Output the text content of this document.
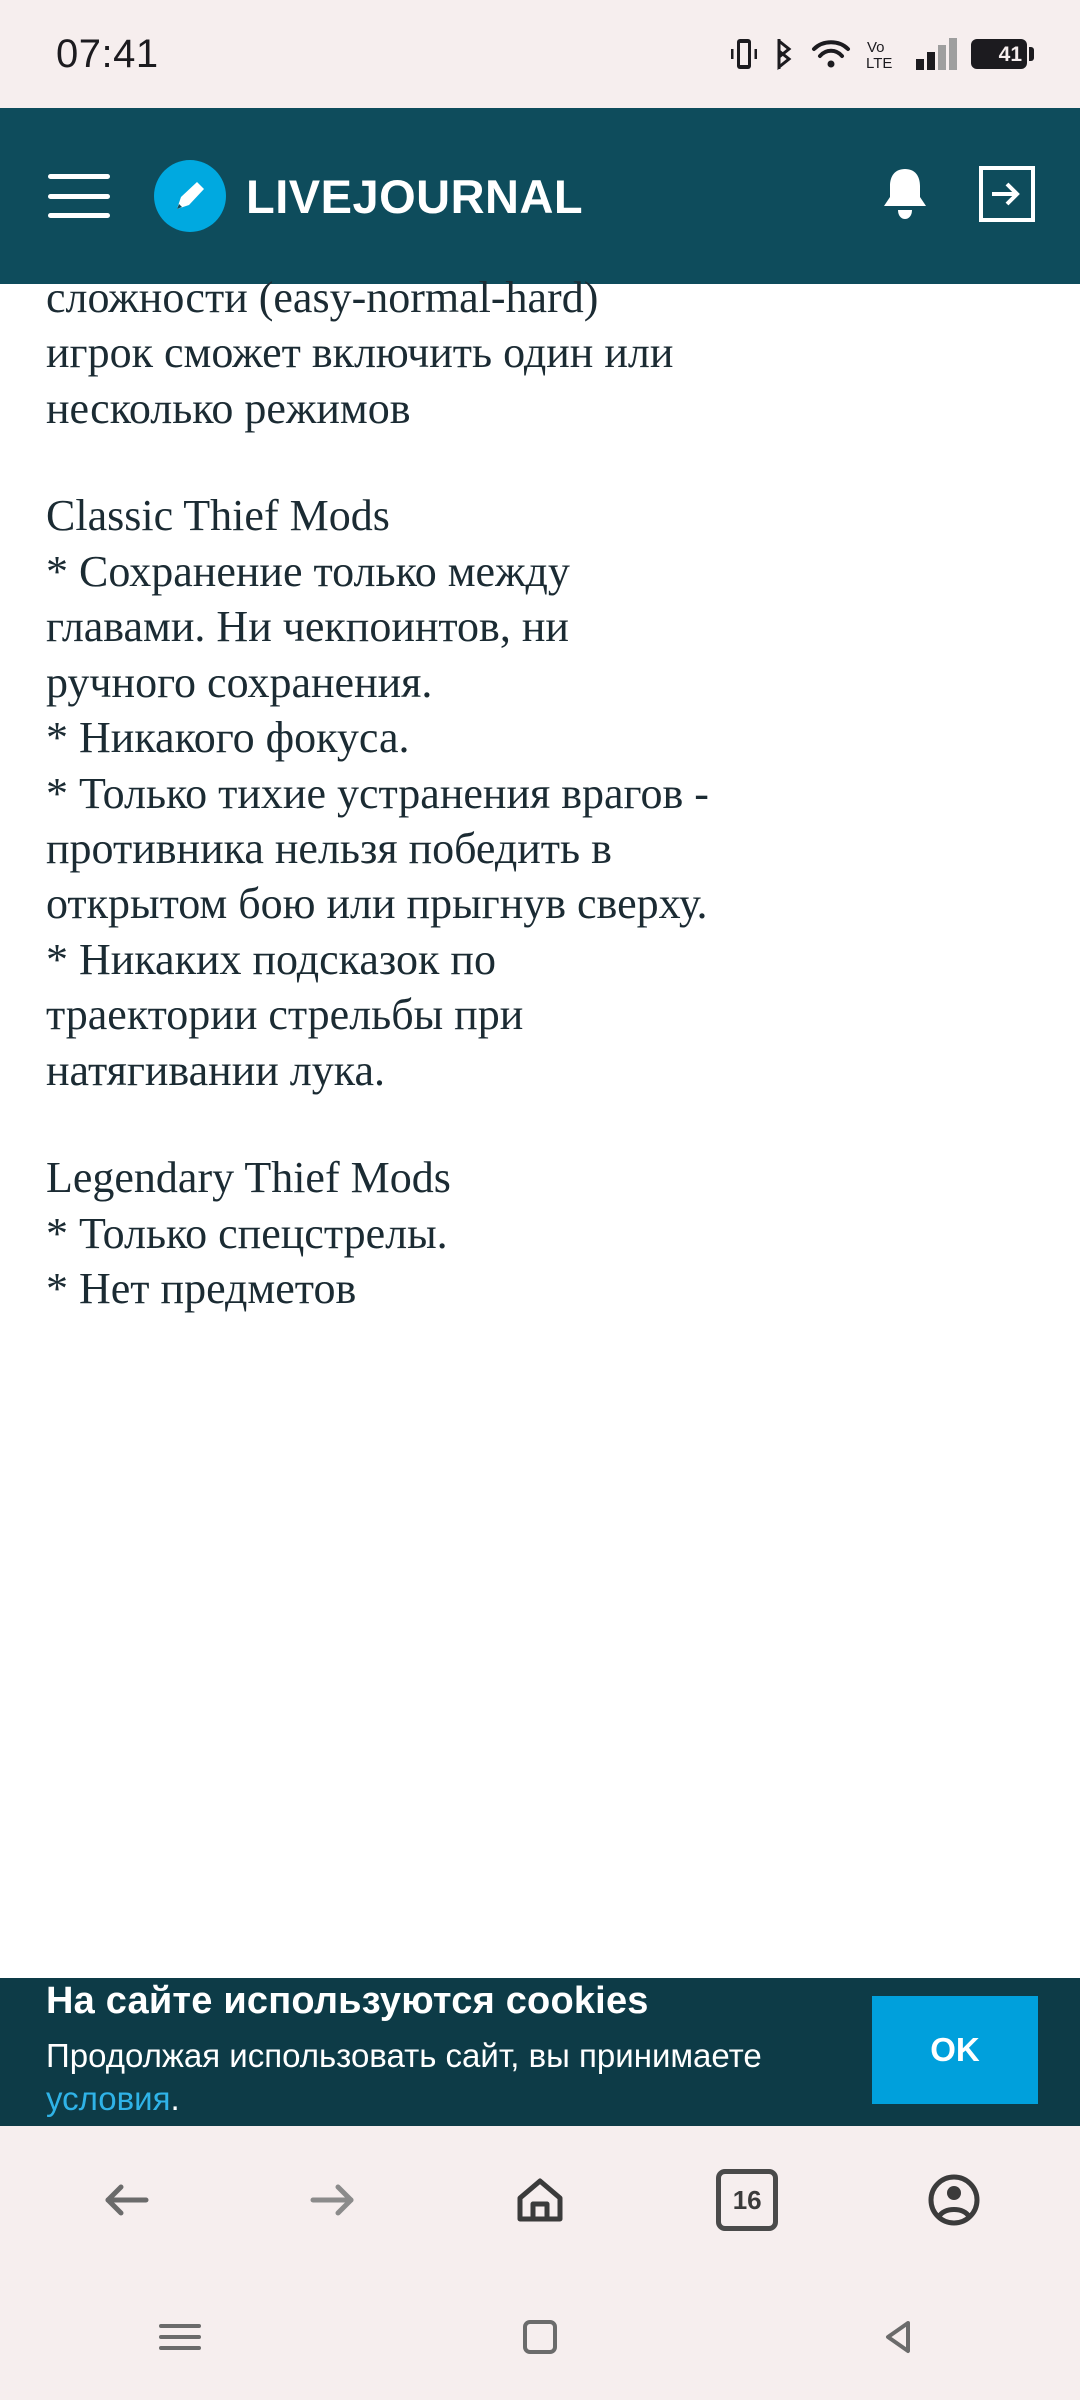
07:41	Vo
LTE	41
LIVEJOURNAL

сложности (easy-normal-hard)
игрок сможет включить один или
несколько режимов

Classic Thief Mods
* Сохранение только между
главами. Ни чекпоинтов, ни
ручного сохранения.
* Никакого фокуса.
* Только тихие устранения врагов -
противника нельзя победить в
открытом бою или прыгнув сверху.
* Никаких подсказок по
траектории стрельбы при
натягивании лука.

Legendary Thief Mods
* Только спецстрелы.
* Нет предметов

На сайте используются cookies
Продолжая использовать сайт, вы принимаете условия.
OK
16
